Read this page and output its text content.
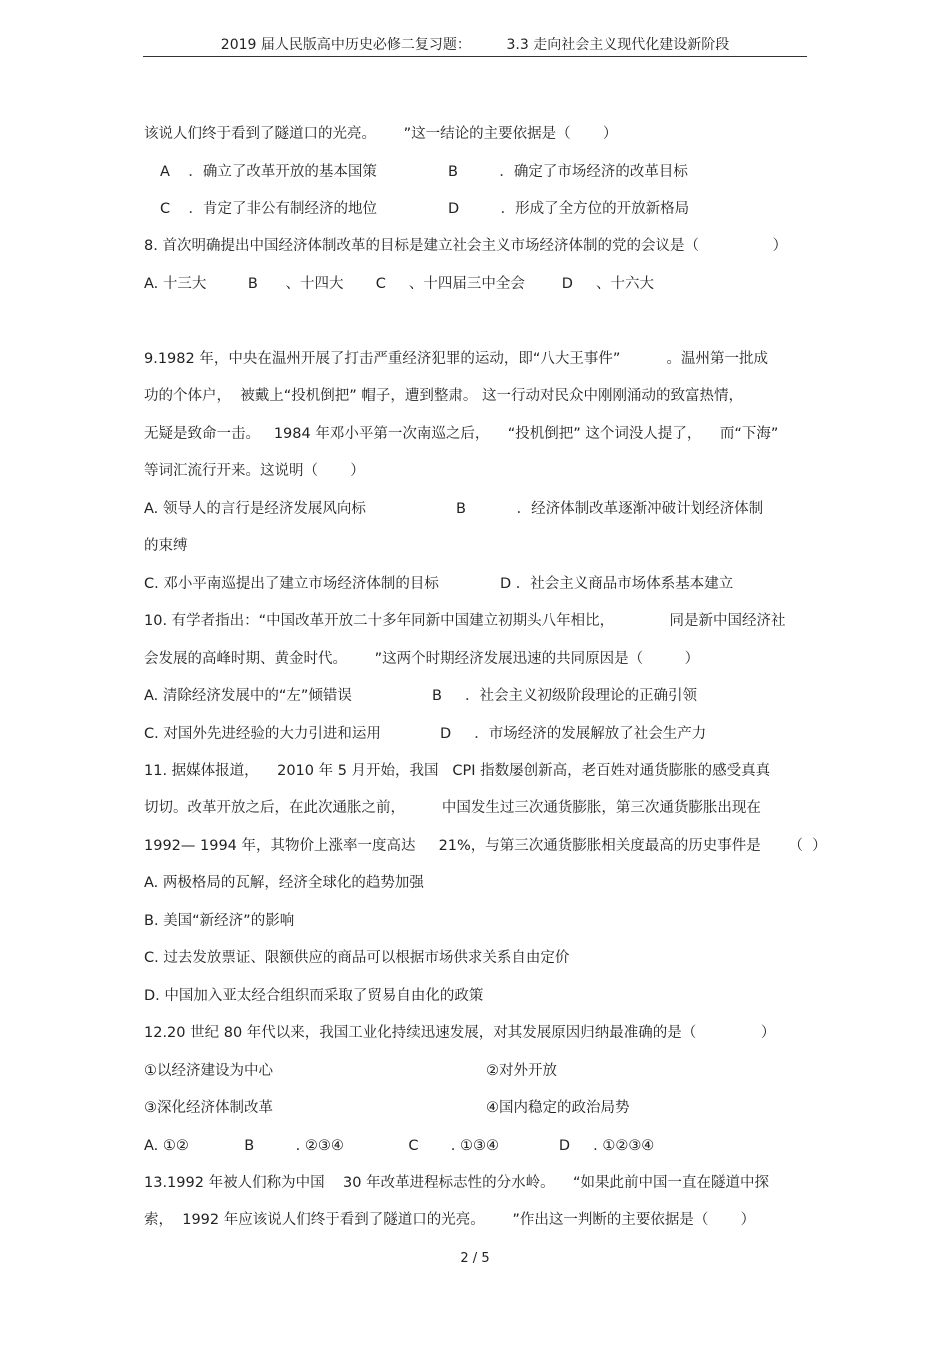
2019 届人民版高中历史必修二复习题：        3.3 走向社会主义现代化建设新阶段
该说人们终于看到了隧道口的光亮。      ”这一结论的主要依据是（       ）
A    ．确立了改革开放的基本国策	B         ．确定了市场经济的改革目标
C    ．肯定了非公有制经济的地位	D         ．形成了全方位的开放新格局
8. 首次明确提出中国经济体制改革的目标是建立社会主义市场经济体制的党的会议是（                ）
A. 十三大         B      、十四大       C     、十四届三中全会        D     、十六大
9.1982 年，中央在温州开展了打击严重经济犯罪的运动，即“八大王事件”          。温州第一批成
功的个体户，  被戴上“投机倒把” 帽子，遭到整肃。 这一行动对民众中刚刚涌动的致富热情，
无疑是致命一击。   1984 年邓小平第一次南巡之后，    “投机倒把” 这个词没人提了，    而“下海”
等词汇流行开来。这说明（       ）
A. 领导人的言行是经济发展风向标	B           ．经济体制改革逐渐冲破计划经济体制
的束缚
C. 邓小平南巡提出了建立市场经济体制的目标	D ．社会主义商品市场体系基本建立
10. 有学者指出：“中国改革开放二十多年同新中国建立初期头八年相比，            同是新中国经济社
会发展的高峰时期、黄金时代。      ”这两个时期经济发展迅速的共同原因是（         ）
A. 清除经济发展中的“左”倾错误	B     ．社会主义初级阶段理论的正确引领
C. 对国外先进经验的大力引进和运用	D     ．市场经济的发展解放了社会生产力
11. 据媒体报道，    2010 年 5 月开始，我国   CPI 指数屡创新高，老百姓对通货膨胀的感受真真
切切。改革开放之后，在此次通胀之前，        中国发生过三次通货膨胀，第三次通货膨胀出现在
1992— 1994 年，其物价上涨率一度高达     21%，与第三次通货膨胀相关度最高的历史事件是      （  ）
A. 两极格局的瓦解，经济全球化的趋势加强
B. 美国“新经济”的影响
C. 过去发放票证、限额供应的商品可以根据市场供求关系自由定价
D. 中国加入亚太经合组织而采取了贸易自由化的政策
12.20 世纪 80 年代以来，我国工业化持续迅速发展，对其发展原因归纳最准确的是（              ）
①以经济建设为中心	②对外开放
③深化经济体制改革	④国内稳定的政治局势
A. ①②            B         . ②③④              C       . ①③④             D     . ①②③④
13.1992 年被人们称为中国    30 年改革进程标志性的分水岭。    “如果此前中国一直在隧道中探
索，  1992 年应该说人们终于看到了隧道口的光亮。      ”作出这一判断的主要依据是（       ）
2 / 5
